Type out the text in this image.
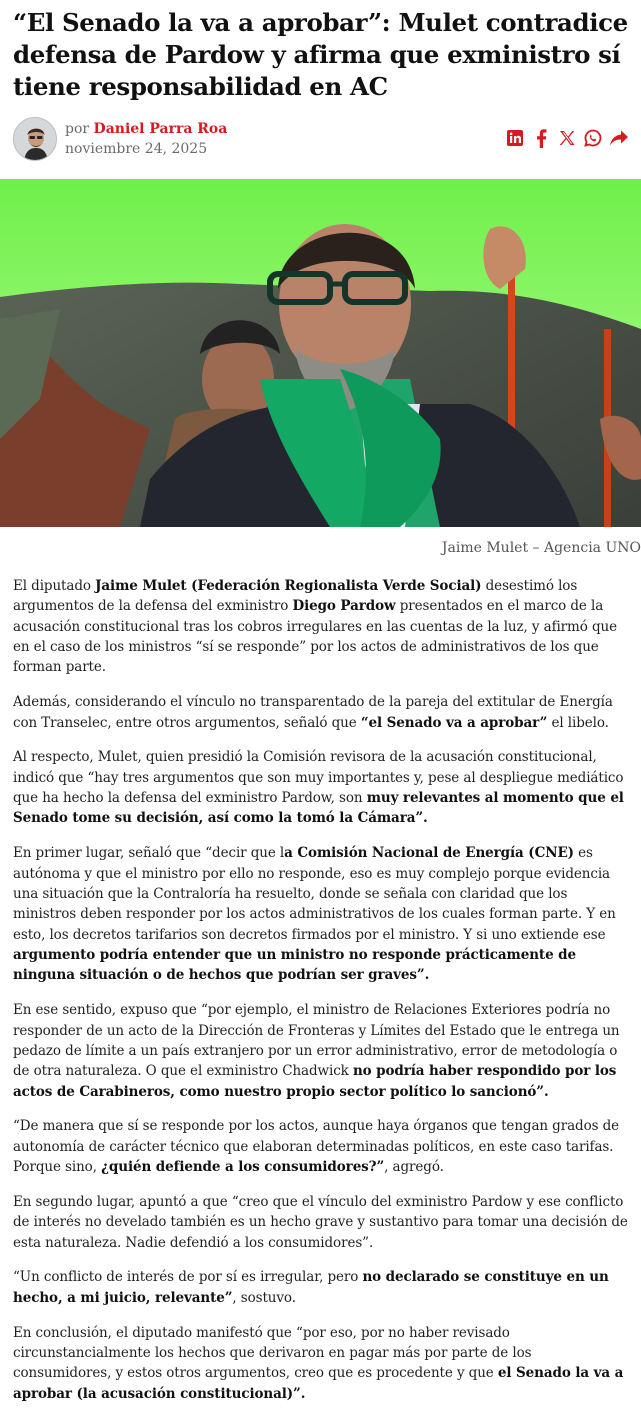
“El Senado la va a aprobar”: Mulet contradice defensa de Pardow y afirma que exministro sí tiene responsabilidad en AC
por Daniel Parra Roa
noviembre 24, 2025
Jaime Mulet – Agencia UNO

El diputado Jaime Mulet (Federación Regionalista Verde Social) desestimó los argumentos de la defensa del exministro Diego Pardow presentados en el marco de la acusación constitucional tras los cobros irregulares en las cuentas de la luz, y afirmó que en el caso de los ministros “sí se responde” por los actos de administrativos de los que forman parte.

Además, considerando el vínculo no transparentado de la pareja del extitular de Energía con Transelec, entre otros argumentos, señaló que “el Senado va a aprobar” el libelo.

Al respecto, Mulet, quien presidió la Comisión revisora de la acusación constitucional, indicó que “hay tres argumentos que son muy importantes y, pese al despliegue mediático que ha hecho la defensa del exministro Pardow, son muy relevantes al momento que el Senado tome su decisión, así como la tomó la Cámara”.

En primer lugar, señaló que “decir que la Comisión Nacional de Energía (CNE) es autónoma y que el ministro por ello no responde, eso es muy complejo porque evidencia una situación que la Contraloría ha resuelto, donde se señala con claridad que los ministros deben responder por los actos administrativos de los cuales forman parte. Y en esto, los decretos tarifarios son decretos firmados por el ministro. Y si uno extiende ese argumento podría entender que un ministro no responde prácticamente de ninguna situación o de hechos que podrían ser graves”.

En ese sentido, expuso que “por ejemplo, el ministro de Relaciones Exteriores podría no responder de un acto de la Dirección de Fronteras y Límites del Estado que le entrega un pedazo de límite a un país extranjero por un error administrativo, error de metodología o de otra naturaleza. O que el exministro Chadwick no podría haber respondido por los actos de Carabineros, como nuestro propio sector político lo sancionó”.

“De manera que sí se responde por los actos, aunque haya órganos que tengan grados de autonomía de carácter técnico que elaboran determinadas políticos, en este caso tarifas. Porque sino, ¿quién defiende a los consumidores?”, agregó.

En segundo lugar, apuntó a que “creo que el vínculo del exministro Pardow y ese conflicto de interés no develado también es un hecho grave y sustantivo para tomar una decisión de esta naturaleza. Nadie defendió a los consumidores”.

“Un conflicto de interés de por sí es irregular, pero no declarado se constituye en un hecho, a mi juicio, relevante”, sostuvo.

En conclusión, el diputado manifestó que “por eso, por no haber revisado circunstancialmente los hechos que derivaron en pagar más por parte de los consumidores, y estos otros argumentos, creo que es procedente y que el Senado la va a aprobar (la acusación constitucional)”.
